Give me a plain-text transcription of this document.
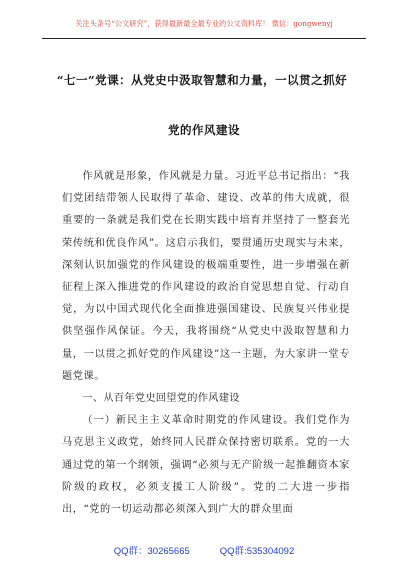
关注头条号“公文研究”，获得最新最全最专业的公文资料库！ 微信：gongwenyj
“七一”党课：从党史中汲取智慧和力量，一以贯之抓好
党的作风建设

作风就是形象，作风就是力量。习近平总书记指出：“我们党团结带领人民取得了革命、建设、改革的伟大成就，很重要的一条就是我们党在长期实践中培育并坚持了一整套光荣传统和优良作风”。这启示我们，要贯通历史现实与未来，深刻认识加强党的作风建设的极端重要性，进一步增强在新征程上深入推进党的作风建设的政治自觉思想自觉、行动自觉，为以中国式现代化全面推进强国建设、民族复兴伟业提供坚强作风保证。今天，我将围绕“从党史中汲取智慧和力量，一以贯之抓好党的作风建设”这一主题，为大家讲一堂专题党课。

一、从百年党史回望党的作风建设

（一）新民主主义革命时期党的作风建设。我们党作为马克思主义政党，始终同人民群众保持密切联系。党的一大通过党的第一个纲领，强调“必须与无产阶级一起推翻资本家阶级的政权，必须支援工人阶级”。党的二大进一步指出，“党的一切运动都必须深入到广大的群众里面

QQ群：30265665	QQ群:535304092
